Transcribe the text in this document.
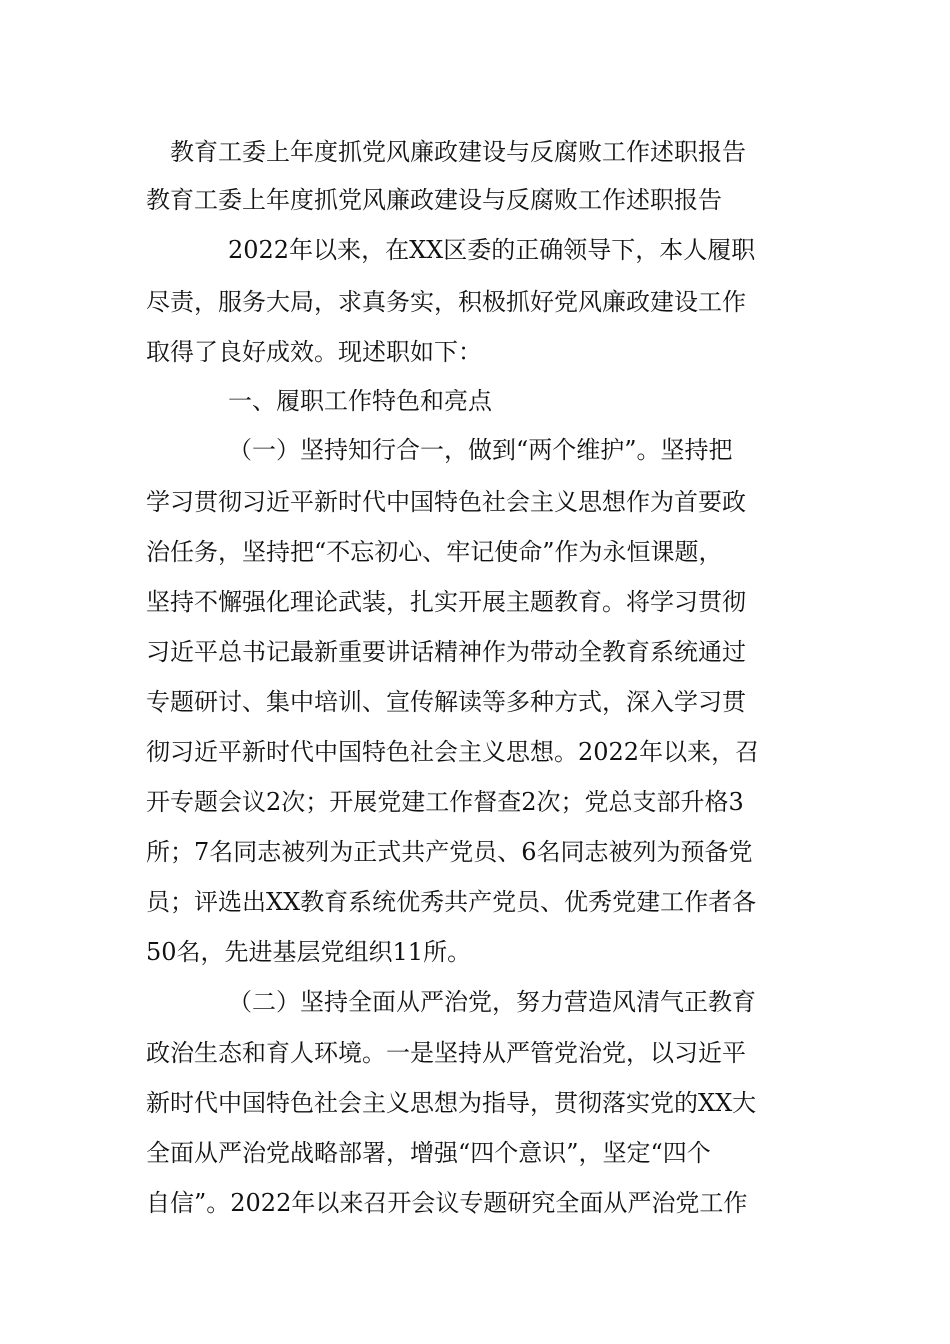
教育工委上年度抓党风廉政建设与反腐败工作述职报告
教育工委上年度抓党风廉政建设与反腐败工作述职报告
2022年以来，在XX区委的正确领导下，本人履职
尽责，服务大局，求真务实，积极抓好党风廉政建设工作
取得了良好成效。现述职如下：
一、履职工作特色和亮点
（一）坚持知行合一，做到“两个维护”。坚持把
学习贯彻习近平新时代中国特色社会主义思想作为首要政
治任务，坚持把“不忘初心、牢记使命”作为永恒课题，
坚持不懈强化理论武装，扎实开展主题教育。将学习贯彻
习近平总书记最新重要讲话精神作为带动全教育系统通过
专题研讨、集中培训、宣传解读等多种方式，深入学习贯
彻习近平新时代中国特色社会主义思想。2022年以来，召
开专题会议2次；开展党建工作督查2次；党总支部升格3
所；7名同志被列为正式共产党员、6名同志被列为预备党
员；评选出XX教育系统优秀共产党员、优秀党建工作者各
50名，先进基层党组织11所。
（二）坚持全面从严治党，努力营造风清气正教育
政治生态和育人环境。一是坚持从严管党治党，以习近平
新时代中国特色社会主义思想为指导，贯彻落实党的XX大
全面从严治党战略部署，增强“四个意识”，坚定“四个
自信”。2022年以来召开会议专题研究全面从严治党工作
